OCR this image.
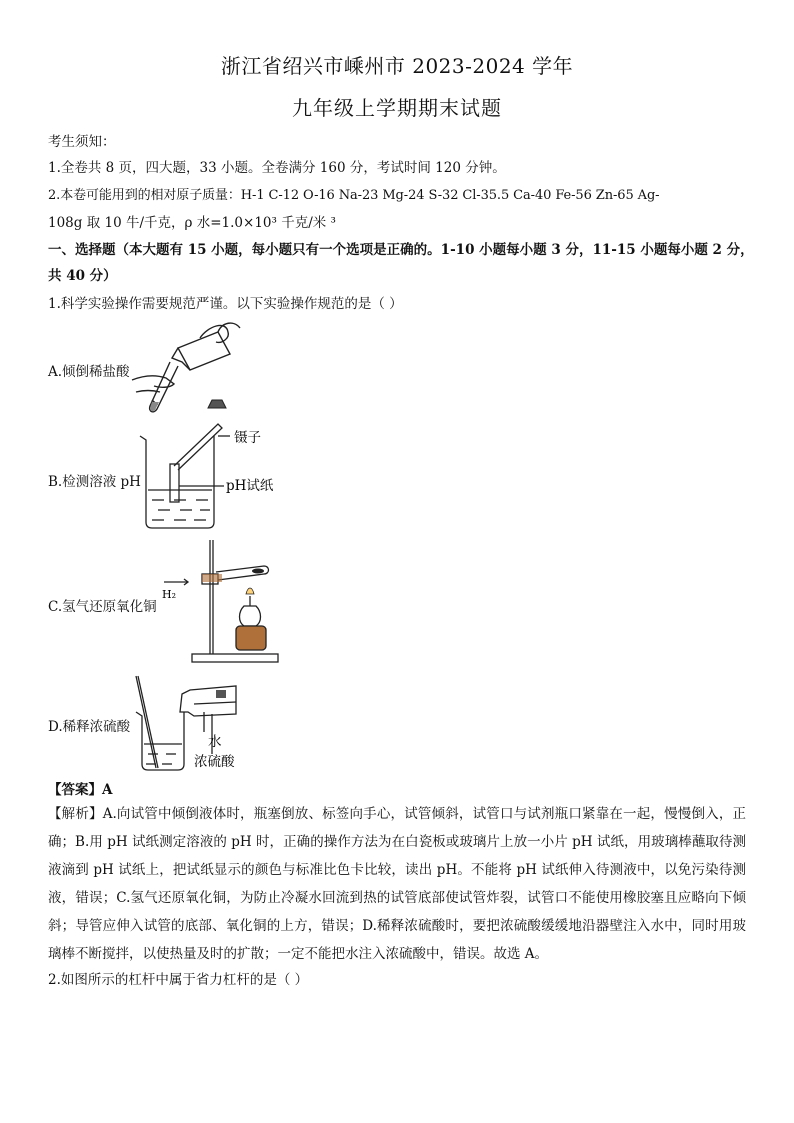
浙江省绍兴市嵊州市 2023-2024 学年
九年级上学期期末试题
考生须知：
1.全卷共 8 页，四大题，33 小题。全卷满分 160 分，考试时间 120 分钟。
2.本卷可能用到的相对原子质量：H-1 C-12 O-16 Na-23 Mg-24 S-32 Cl-35.5 Ca-40 Fe-56 Zn-65 Ag-
108g 取 10 牛/千克，ρ 水=1.0×10³ 千克/米 ³
一、选择题（本大题有 15 小题，每小题只有一个选项是正确的。1-10 小题每小题 3 分，11-15 小题每小题 2 分，
共 40 分）
1.科学实验操作需要规范严谨。以下实验操作规范的是（ ）
A.倾倒稀盐酸
B.检测溶液 pH
镊子
pH试纸
C.氢气还原氧化铜
H₂
D.稀释浓硫酸
水
浓硫酸
【答案】A
【解析】A.向试管中倾倒液体时，瓶塞倒放、标签向手心，试管倾斜，试管口与试剂瓶口紧靠在一起，慢慢倒入，正确；B.用 pH 试纸测定溶液的 pH 时，正确的操作方法为在白瓷板或玻璃片上放一小片 pH 试纸，用玻璃棒蘸取待测液滴到 pH 试纸上，把试纸显示的颜色与标准比色卡比较，读出 pH。不能将 pH 试纸伸入待测液中，以免污染待测液，错误；C.氢气还原氧化铜，为防止冷凝水回流到热的试管底部使试管炸裂，试管口不能使用橡胶塞且应略向下倾斜；导管应伸入试管的底部、氧化铜的上方，错误；D.稀释浓硫酸时，要把浓硫酸缓缓地沿器壁注入水中，同时用玻璃棒不断搅拌，以使热量及时的扩散；一定不能把水注入浓硫酸中，错误。故选 A。
2.如图所示的杠杆中属于省力杠杆的是（ ）
